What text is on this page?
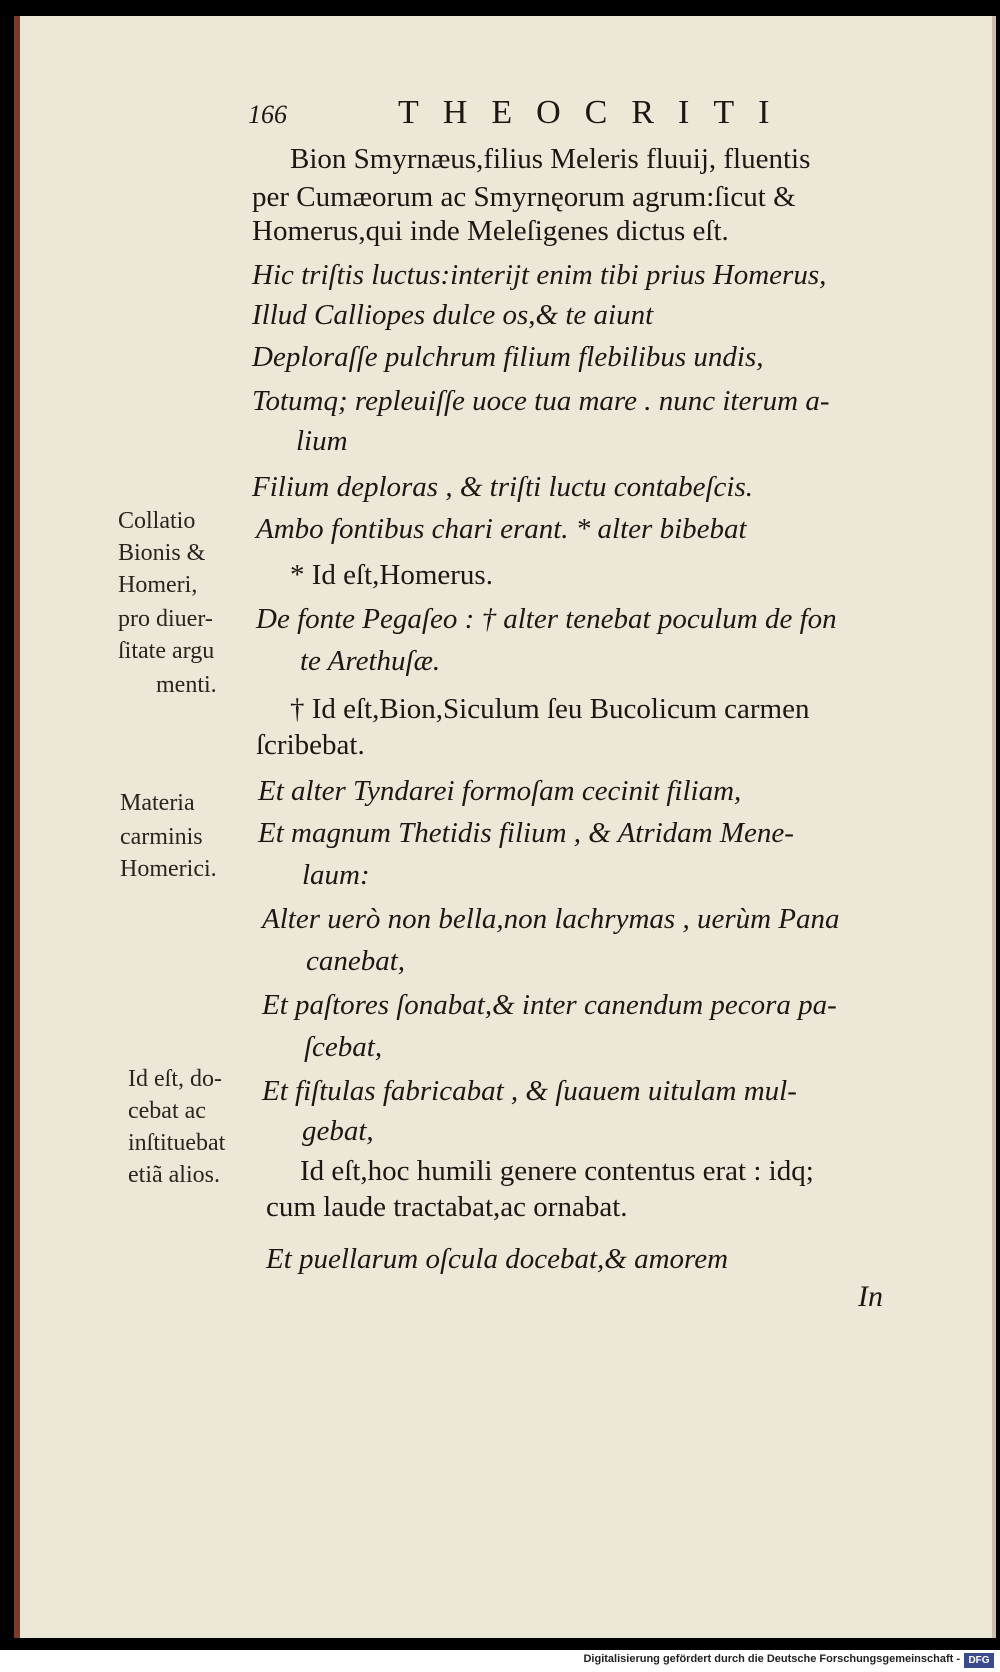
166	THEOCRITI
Bion Smyrnæus,filius Meleris fluuij, fluentis
per Cumæorum ac Smyrnęorum agrum:ſicut &
Homerus,qui inde Meleſigenes dictus eſt.
Hic triſtis luctus:interijt enim tibi prius Homerus,
Illud Calliopes dulce os,& te aiunt
Deploraſſe pulchrum filium flebilibus undis,
Totumq; repleuiſſe uoce tua mare . nunc iterum a-
lium
Filium deploras , & triſti luctu contabeſcis.
Ambo fontibus chari erant. * alter bibebat
* Id eſt,Homerus.
De fonte Pegaſeo : † alter tenebat poculum de fon
te Arethuſæ.
† Id eſt,Bion,Siculum ſeu Bucolicum carmen
ſcribebat.
Et alter Tyndarei formoſam cecinit filiam,
Et magnum Thetidis filium , & Atridam Mene-
laum:
Alter uerò non bella,non lachrymas , uerùm Pana
canebat,
Et paſtores ſonabat,& inter canendum pecora pa-
ſcebat,
Et fiſtulas fabricabat , & ſuauem uitulam mul-
gebat,
Id eſt,hoc humili genere contentus erat : idq;
cum laude tractabat,ac ornabat.
Et puellarum oſcula docebat,& amorem
Collatio
Bionis &
Homeri,
pro diuer-
ſitate argu
menti.
Materia
carminis
Homerici.
Id eſt, do-
cebat ac
inſtituebat
etiã alios.
In
Digitalisierung gefördert durch die Deutsche Forschungsgemeinschaft - DFG
